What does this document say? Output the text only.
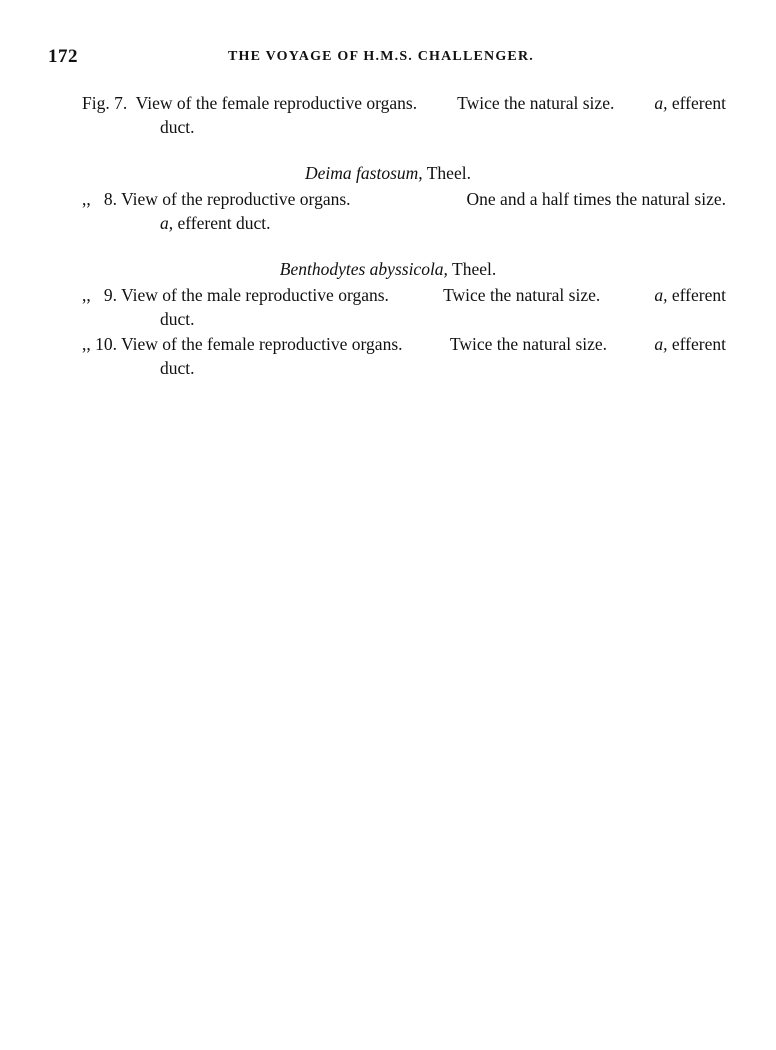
172	THE VOYAGE OF H.M.S. CHALLENGER.
Fig. 7. View of the female reproductive organs. Twice the natural size. a, efferent
duct.
Deima fastosum, Theel.
,, 8. View of the reproductive organs.	One and a half times the natural size.
a, efferent duct.
Benthodytes abyssicola, Theel.
,, 9. View of the male reproductive organs.	Twice the natural size.	a, efferent
duct.
,, 10. View of the female reproductive organs.	Twice the natural size.	a, efferent
duct.
